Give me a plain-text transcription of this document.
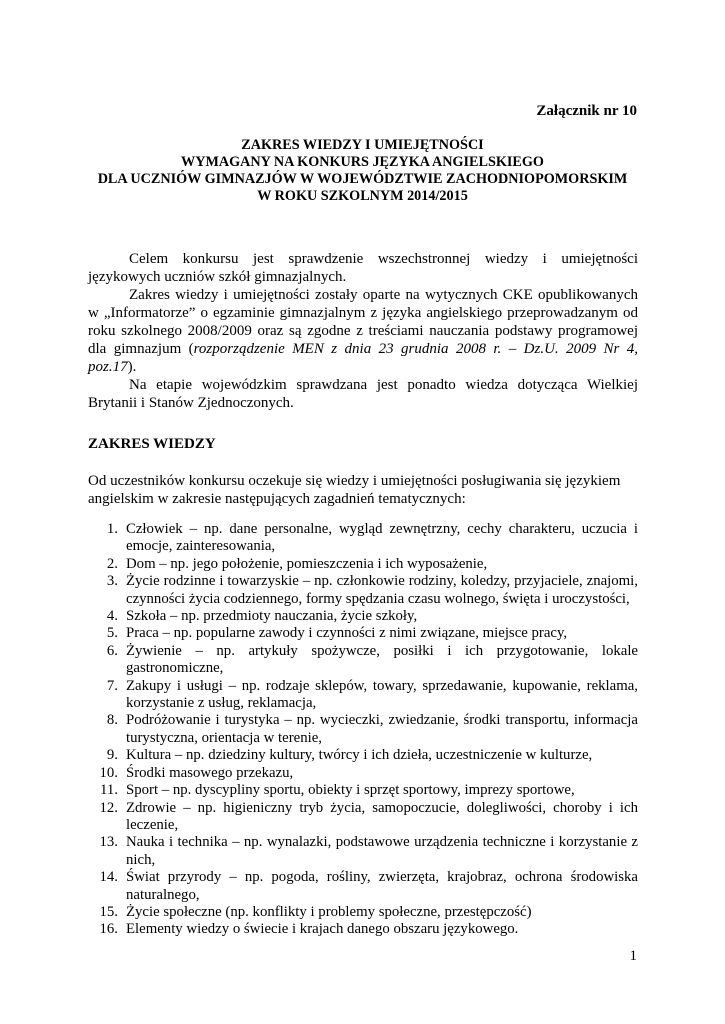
Załącznik nr 10
ZAKRES WIEDZY I UMIEJĘTNOŚCI
WYMAGANY NA KONKURS JĘZYKA ANGIELSKIEGO
DLA UCZNIÓW GIMNAZJÓW W WOJEWÓDZTWIE ZACHODNIOPOMORSKIM
W ROKU SZKOLNYM 2014/2015

Celem konkursu jest sprawdzenie wszechstronnej wiedzy i umiejętności językowych uczniów szkół gimnazjalnych.

Zakres wiedzy i umiejętności zostały oparte na wytycznych CKE opublikowanych w „Informatorze” o egzaminie gimnazjalnym z języka angielskiego przeprowadzanym od roku szkolnego 2008/2009 oraz są zgodne z treściami nauczania podstawy programowej dla gimnazjum (rozporządzenie MEN z dnia 23 grudnia 2008 r. – Dz.U. 2009 Nr 4, poz.17).

Na etapie wojewódzkim sprawdzana jest ponadto wiedza dotycząca Wielkiej Brytanii i Stanów Zjednoczonych.

ZAKRES WIEDZY

Od uczestników konkursu oczekuje się wiedzy i umiejętności posługiwania się językiem angielskim w zakresie następujących zagadnień tematycznych:

1. Człowiek – np. dane personalne, wygląd zewnętrzny, cechy charakteru, uczucia i emocje, zainteresowania,
2. Dom – np. jego położenie, pomieszczenia i ich wyposażenie,
3. Życie rodzinne i towarzyskie – np. członkowie rodziny, koledzy, przyjaciele, znajomi, czynności życia codziennego, formy spędzania czasu wolnego, święta i uroczystości,
4. Szkoła – np. przedmioty nauczania, życie szkoły,
5. Praca – np. popularne zawody i czynności z nimi związane, miejsce pracy,
6. Żywienie – np. artykuły spożywcze, posiłki i ich przygotowanie, lokale gastronomiczne,
7. Zakupy i usługi – np. rodzaje sklepów, towary, sprzedawanie, kupowanie, reklama, korzystanie z usług, reklamacja,
8. Podróżowanie i turystyka – np. wycieczki, zwiedzanie, środki transportu, informacja turystyczna, orientacja w terenie,
9. Kultura – np. dziedziny kultury, twórcy i ich dzieła, uczestniczenie w kulturze,
10. Środki masowego przekazu,
11. Sport – np. dyscypliny sportu, obiekty i sprzęt sportowy, imprezy sportowe,
12. Zdrowie – np. higieniczny tryb życia, samopoczucie, dolegliwości, choroby i ich leczenie,
13. Nauka i technika – np. wynalazki, podstawowe urządzenia techniczne i korzystanie z nich,
14. Świat przyrody – np. pogoda, rośliny, zwierzęta, krajobraz, ochrona środowiska naturalnego,
15. Życie społeczne (np. konflikty i problemy społeczne, przestępczość)
16. Elementy wiedzy o świecie i krajach danego obszaru językowego.
1
